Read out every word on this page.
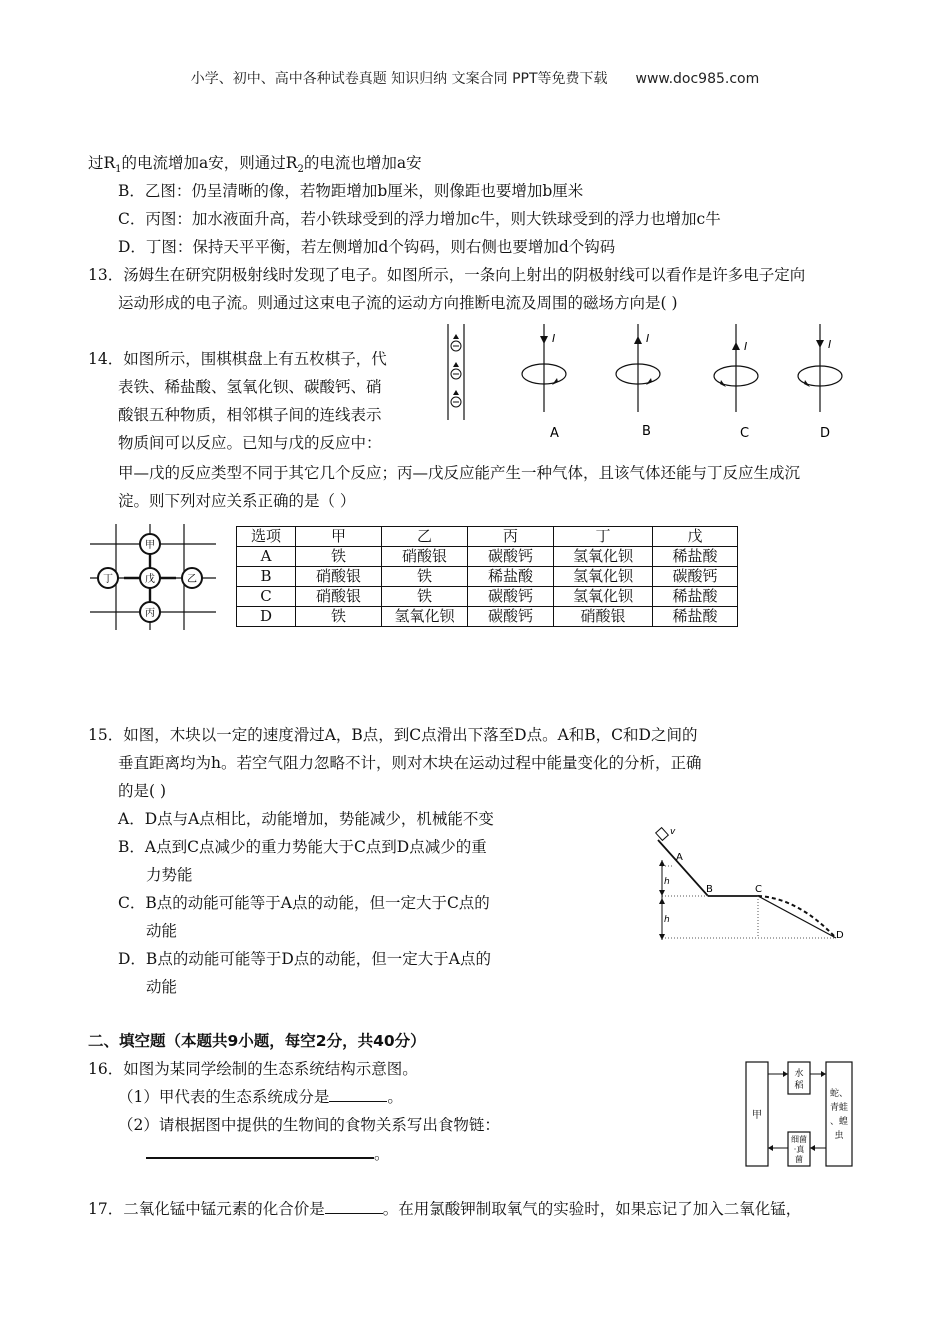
小学、初中、高中各种试卷真题 知识归纳 文案合同 PPT等免费下载 www.doc985.com
过$R_1$的电流增加a安，则通过$R_2$的电流也增加a安
B．乙图：仍呈清晰的像，若物距增加b厘米，则像距也要增加b厘米
C．丙图：加水液面升高，若小铁球受到的浮力增加c牛，则大铁球受到的浮力也增加c牛
D．丁图：保持天平平衡，若左侧增加d个钩码，则右侧也要增加d个钩码
13．汤姆生在研究阴极射线时发现了电子。如图所示，一条向上射出的阴极射线可以看作是许多电子定向
运动形成的电子流。则通过这束电子流的运动方向推断电流及周围的磁场方向是( )
I
A
I
B
I
C
I
D
14．如图所示，围棋棋盘上有五枚棋子，代
表铁、稀盐酸、氢氧化钡、碳酸钙、硝
酸银五种物质，相邻棋子间的连线表示
物质间可以反应。已知与戊的反应中：
甲—戊的反应类型不同于其它几个反应；丙—戊反应能产生一种气体，且该气体还能与丁反应生成沉
淀。则下列对应关系正确的是（ ）
甲
乙
丙
丁	戊
选项	甲	乙	丙	丁	戊
A	铁	硝酸银	碳酸钙	氢氧化钡	稀盐酸
B	硝酸银	铁	稀盐酸	氢氧化钡	碳酸钙
C	硝酸银	铁	碳酸钙	氢氧化钡	稀盐酸
D	铁	氢氧化钡	碳酸钙	硝酸银	稀盐酸
15．如图，木块以一定的速度滑过A，B点，到C点滑出下落至D点。A和B，C和D之间的
垂直距离均为h。若空气阻力忽略不计，则对木块在运动过程中能量变化的分析，正确
的是( )
A．D点与A点相比，动能增加，势能减少，机械能不变
B．A点到C点减少的重力势能大于C点到D点减少的重
力势能
C．B点的动能可能等于A点的动能，但一定大于C点的
动能
D．B点的动能可能等于D点的动能，但一定大于A点的
动能
v
h
h
A
B	C
D
二、填空题（本题共9小题，每空2分，共40分）
16．如图为某同学绘制的生态系统结构示意图。
（1）甲代表的生态系统成分是	。
（2）请根据图中提供的生物间的食物关系写出食物链：
。
甲
水
稻
细菌
·真
菌
蛇、
青蛙
、蝗
虫
17．二氧化锰中锰元素的化合价是	。在用氯酸钾制取氧气的实验时，如果忘记了加入二氧化锰，
